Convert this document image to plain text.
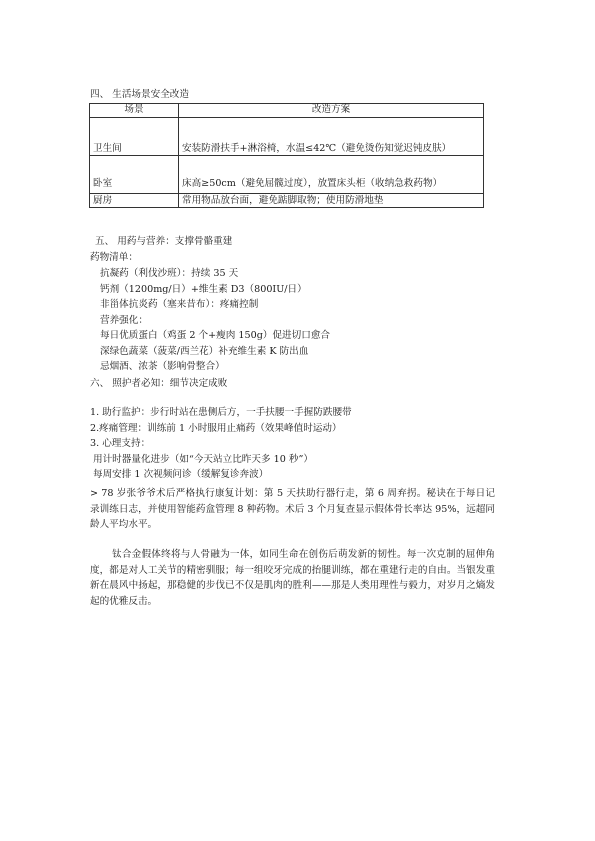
四、 生活场景安全改造
场景	改造方案
卫生间	安装防滑扶手+淋浴椅，水温≤42℃（避免烫伤知觉迟钝皮肤）
卧室	床高≥50cm（避免屈髋过度），放置床头柜（收纳急救药物）
厨房	常用物品放台面，避免踮脚取物；使用防滑地垫
五、 用药与营养：支撑骨骼重建
药物清单：
抗凝药（利伐沙班）：持续 35 天
钙剂（1200mg/日）+维生素 D3（800IU/日）
非甾体抗炎药（塞来昔布）：疼痛控制
营养强化：
每日优质蛋白（鸡蛋 2 个+瘦肉 150g）促进切口愈合
深绿色蔬菜（菠菜/西兰花）补充维生素 K 防出血
忌烟酒、浓茶（影响骨整合）
六、 照护者必知：细节决定成败
1. 助行监护：步行时站在患侧后方，一手扶腰一手握防跌腰带
2.疼痛管理：训练前 1 小时服用止痛药（效果峰值时运动）
3. 心理支持：
用计时器量化进步（如“今天站立比昨天多 10 秒”）
每周安排 1 次视频问诊（缓解复诊奔波）
> 78 岁张爷爷术后严格执行康复计划：第 5 天扶助行器行走，第 6 周弃拐。秘诀在于每日记录训练日志，并使用智能药盒管理 8 种药物。术后 3 个月复查显示假体骨长率达 95%，远超同龄人平均水平。
钛合金假体终将与人骨融为一体，如同生命在创伤后萌发新的韧性。每一次克制的屈伸角度，都是对人工关节的精密驯服；每一组咬牙完成的抬腿训练，都在重建行走的自由。当银发重新在晨风中扬起，那稳健的步伐已不仅是肌肉的胜利——那是人类用理性与毅力，对岁月之熵发起的优雅反击。
